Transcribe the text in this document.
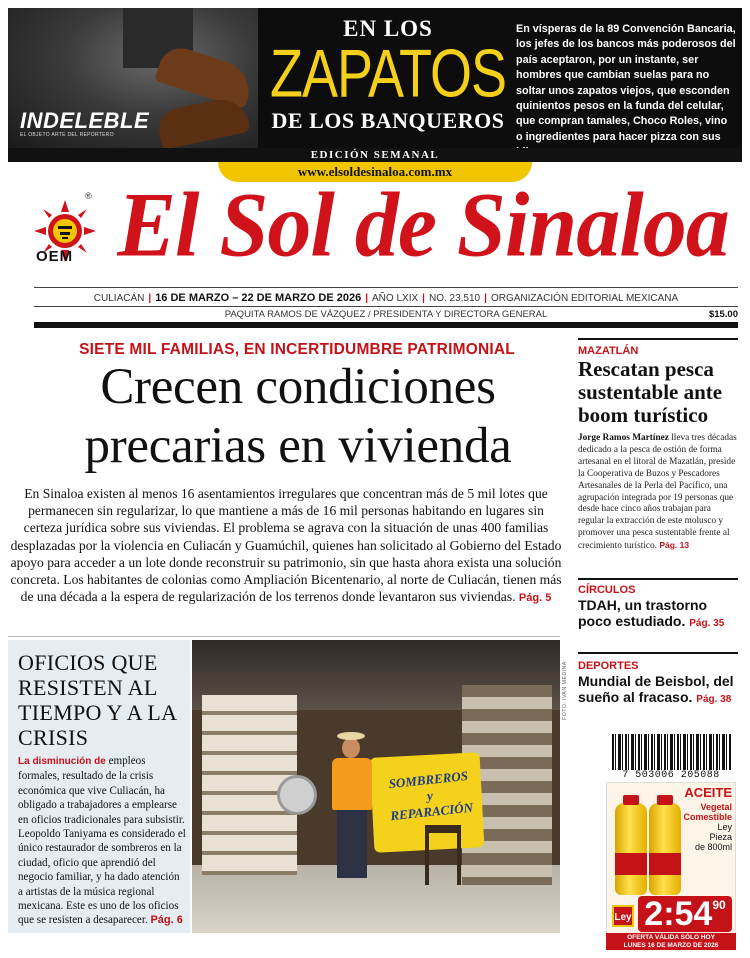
INDELEBLE
EL OBJETO ARTE DEL REPORTERO
EN LOS
ZAPATOS
DE LOS BANQUEROS
En vísperas de la 89 Convención Bancaria, los jefes de los bancos más poderosos del país aceptaron, por un instante, ser hombres que cambian suelas para no soltar unos zapatos viejos, que esconden quinientos pesos en la funda del celular, que compran tamales, Choco Roles, vino o ingredientes para hacer pizza con sus
EDICIÓN SEMANAL
www.elsoldesinaloa.com.mx
OEM
® El Sol de Sinaloa
CULIACÁN | 16 DE MARZO – 22 DE MARZO DE 2026 | AÑO LXIX | NO. 23,510 | ORGANIZACIÓN EDITORIAL MEXICANA
PAQUITA RAMOS DE VÁZQUEZ / PRESIDENTA Y DIRECTORA GENERAL	$15.00
SIETE MIL FAMILIAS, EN INCERTIDUMBRE PATRIMONIAL
Crecen condiciones
precarias en vivienda
En Sinaloa existen al menos 16 asentamientos irregulares que concentran más de 5 mil lotes que permanecen sin regularizar, lo que mantiene a más de 16 mil personas habitando en lugares sin certeza jurídica sobre sus viviendas. El problema se agrava con la situación de unas 400 familias desplazadas por la violencia en Culiacán y Guamúchil, quienes han solicitado al Gobierno del Estado apoyo para acceder a un lote donde reconstruir su patrimonio, sin que hasta ahora exista una solución concreta. Los habitantes de colonias como Ampliación Bicentenario, al norte de Culiacán, tienen más de una década a la espera de regularización de los terrenos donde levantaron sus viviendas. Pág. 5
OFICIOS QUE RESISTEN AL TIEMPO Y A LA CRISIS
La disminución de empleos formales, resultado de la crisis económica que vive Culiacán, ha obligado a trabajadores a emplearse en oficios tradicionales para subsistir. Leopoldo Taniyama es considerado el único restaurador de sombreros en la ciudad, oficio que aprendió del negocio familiar, y ha dado atención a artistas de la música regional mexicana. Este es uno de los oficios que se resisten a desaparecer. Pág. 6
SOMBREROS
y
REPARACIÓN
FOTO: IVAN MEDINA
MAZATLÁN
Rescatan pesca sustentable ante boom turístico
Jorge Ramos Martínez lleva tres décadas dedicado a la pesca de ostión de forma artesanal en el litoral de Mazatlán, preside la Cooperativa de Buzos y Pescadores Artesanales de la Perla del Pacífico, una agrupación integrada por 19 personas que desde hace cinco años trabajan para regular la extracción de este molusco y promover una pesca sustentable frente al crecimiento turístico. Pág. 13
CÍRCULOS
TDAH, un trastorno poco estudiado. Pág. 35
DEPORTES
Mundial de Beisbol, del sueño al fracaso. Pág. 38
7 503006 205088
ACEITE
Vegetal
Comestible
Ley
Pieza
de 800ml
Ley $2:54^{90}$
OFERTA VÁLIDA SÓLO HOY
LUNES 16 DE MARZO DE 2026
